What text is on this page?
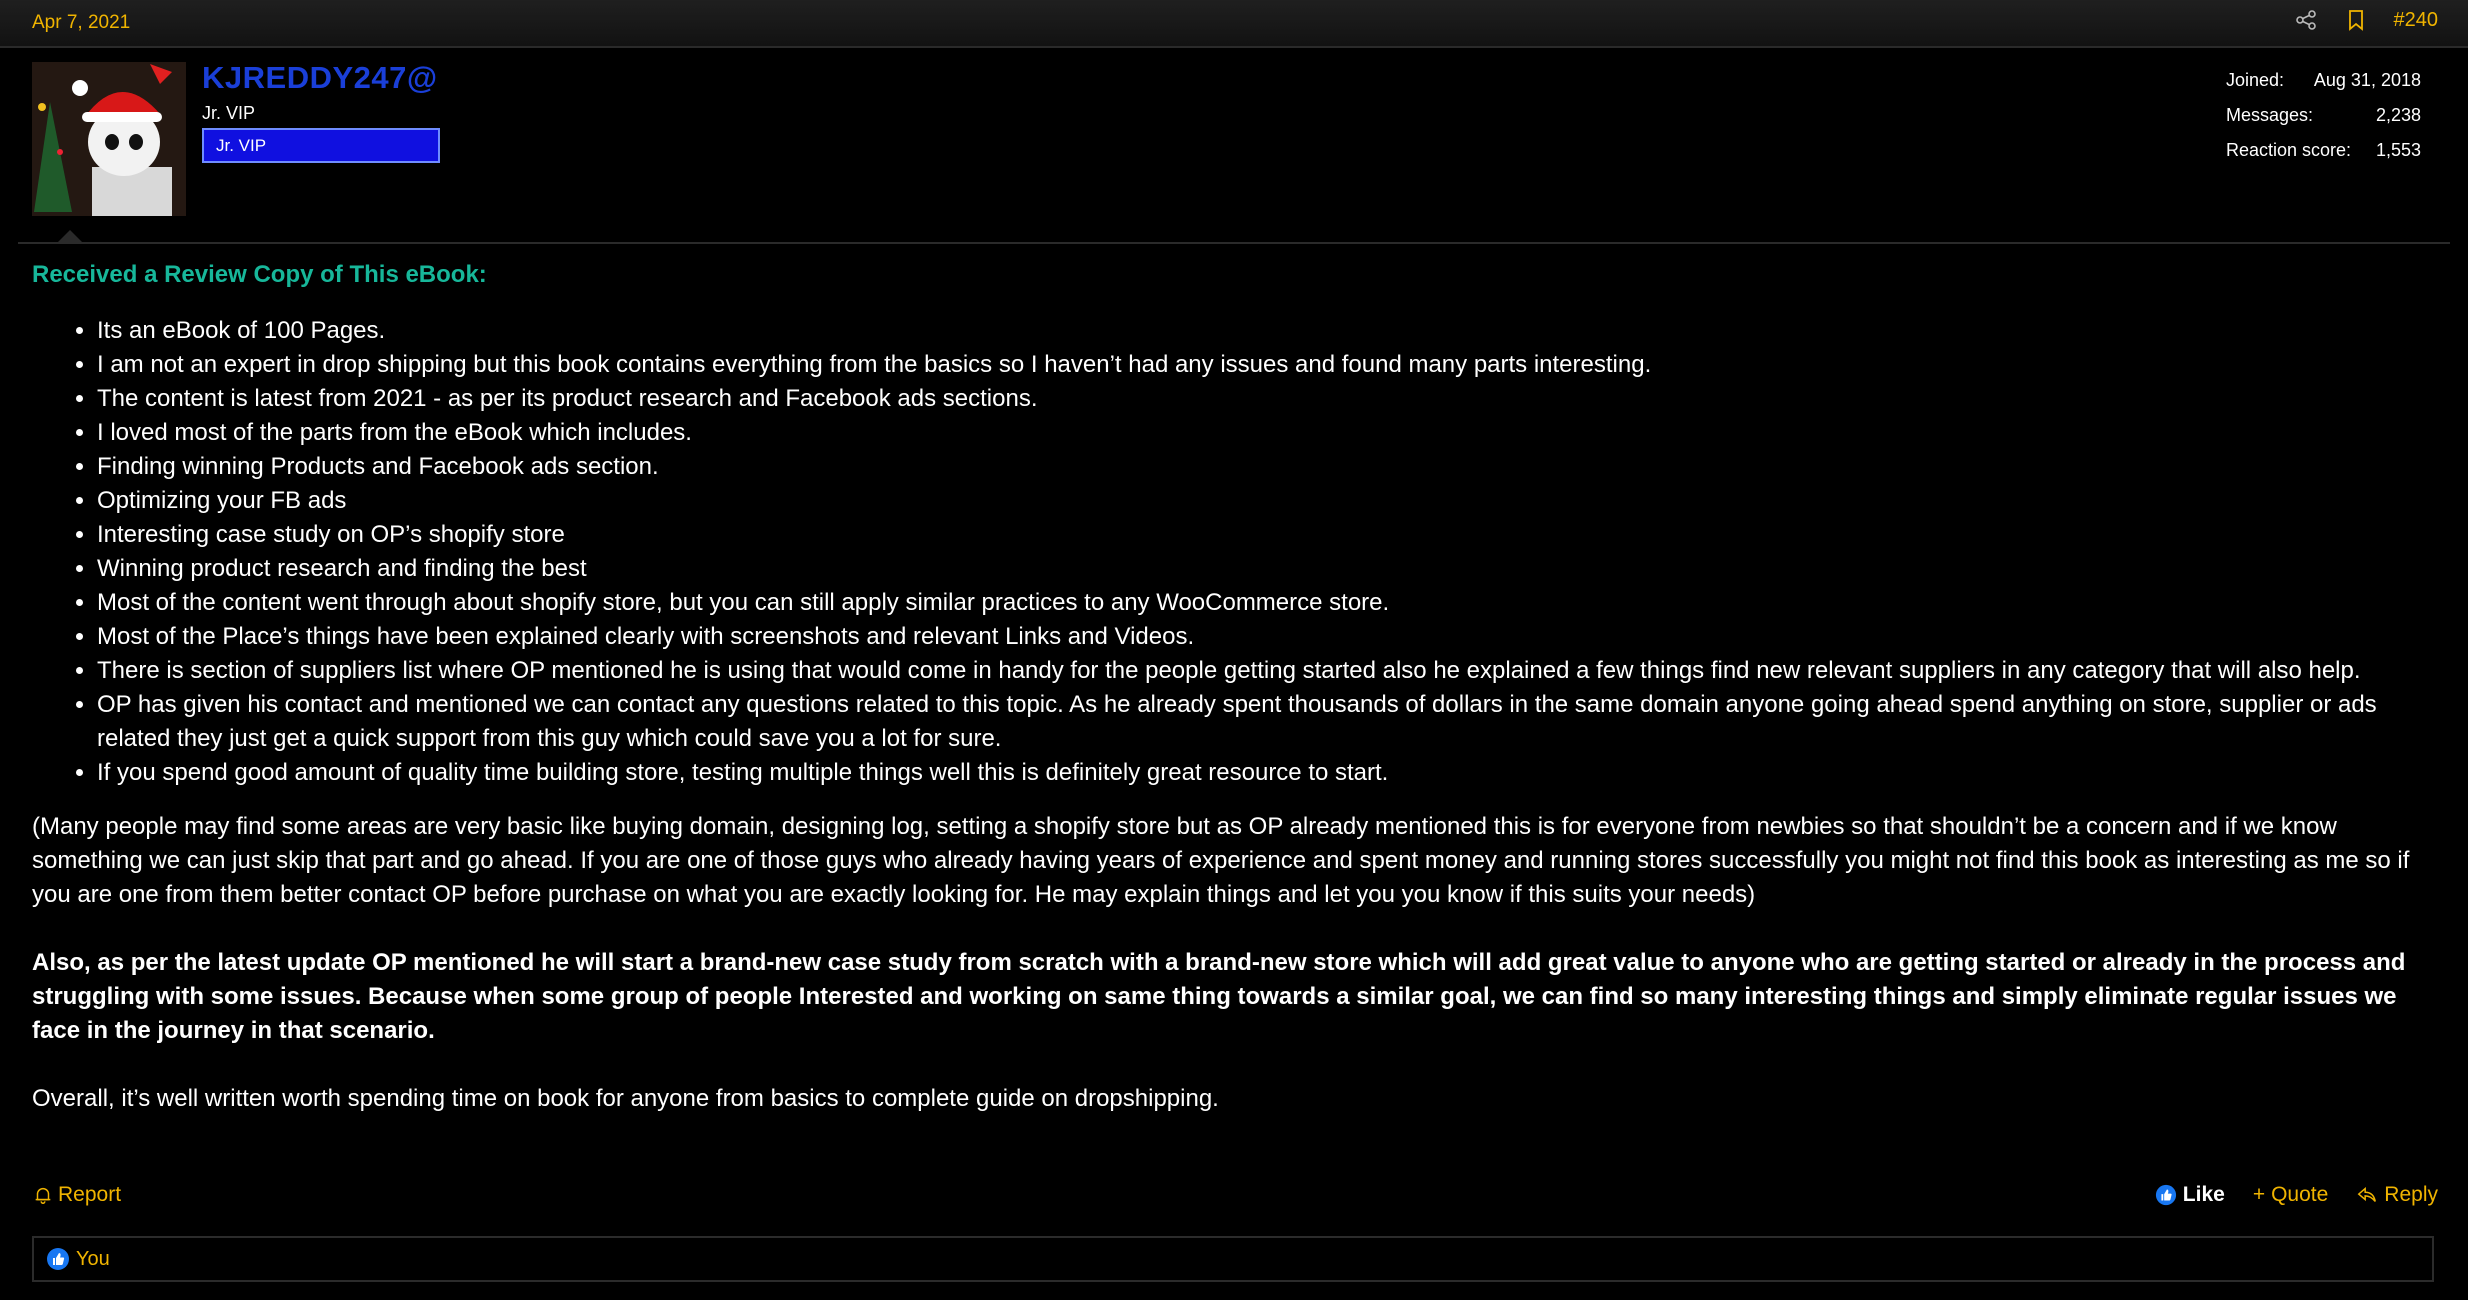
Apr 7, 2021	#240
KJREDDY247@
Jr. VIP
Jr. VIP
Joined: Aug 31, 2018
Messages:	2,238
Reaction score: 1,553
Received a Review Copy of This eBook:
• Its an eBook of 100 Pages.
• I am not an expert in drop shipping but this book contains everything from the basics so I haven’t had any issues and found many parts interesting.
• The content is latest from 2021 - as per its product research and Facebook ads sections.
• I loved most of the parts from the eBook which includes.
• Finding winning Products and Facebook ads section.
• Optimizing your FB ads
• Interesting case study on OP’s shopify store
• Winning product research and finding the best
• Most of the content went through about shopify store, but you can still apply similar practices to any WooCommerce store.
• Most of the Place’s things have been explained clearly with screenshots and relevant Links and Videos.
• There is section of suppliers list where OP mentioned he is using that would come in handy for the people getting started also he explained a few things find new relevant suppliers in any category that will also help.
• OP has given his contact and mentioned we can contact any questions related to this topic. As he already spent thousands of dollars in the same domain anyone going ahead spend anything on store, supplier or ads related they just get a quick support from this guy which could save you a lot for sure.
• If you spend good amount of quality time building store, testing multiple things well this is definitely great resource to start.

(Many people may find some areas are very basic like buying domain, designing log, setting a shopify store but as OP already mentioned this is for everyone from newbies so that shouldn’t be a concern and if we know something we can just skip that part and go ahead. If you are one of those guys who already having years of experience and spent money and running stores successfully you might not find this book as interesting as me so if you are one from them better contact OP before purchase on what you are exactly looking for. He may explain things and let you you know if this suits your needs)

Also, as per the latest update OP mentioned he will start a brand-new case study from scratch with a brand-new store which will add great value to anyone who are getting started or already in the process and struggling with some issues. Because when some group of people Interested and working on same thing towards a similar goal, we can find so many interesting things and simply eliminate regular issues we face in the journey in that scenario.

Overall, it’s well written worth spending time on book for anyone from basics to complete guide on dropshipping.

Report	Like + Quote	Reply
You
